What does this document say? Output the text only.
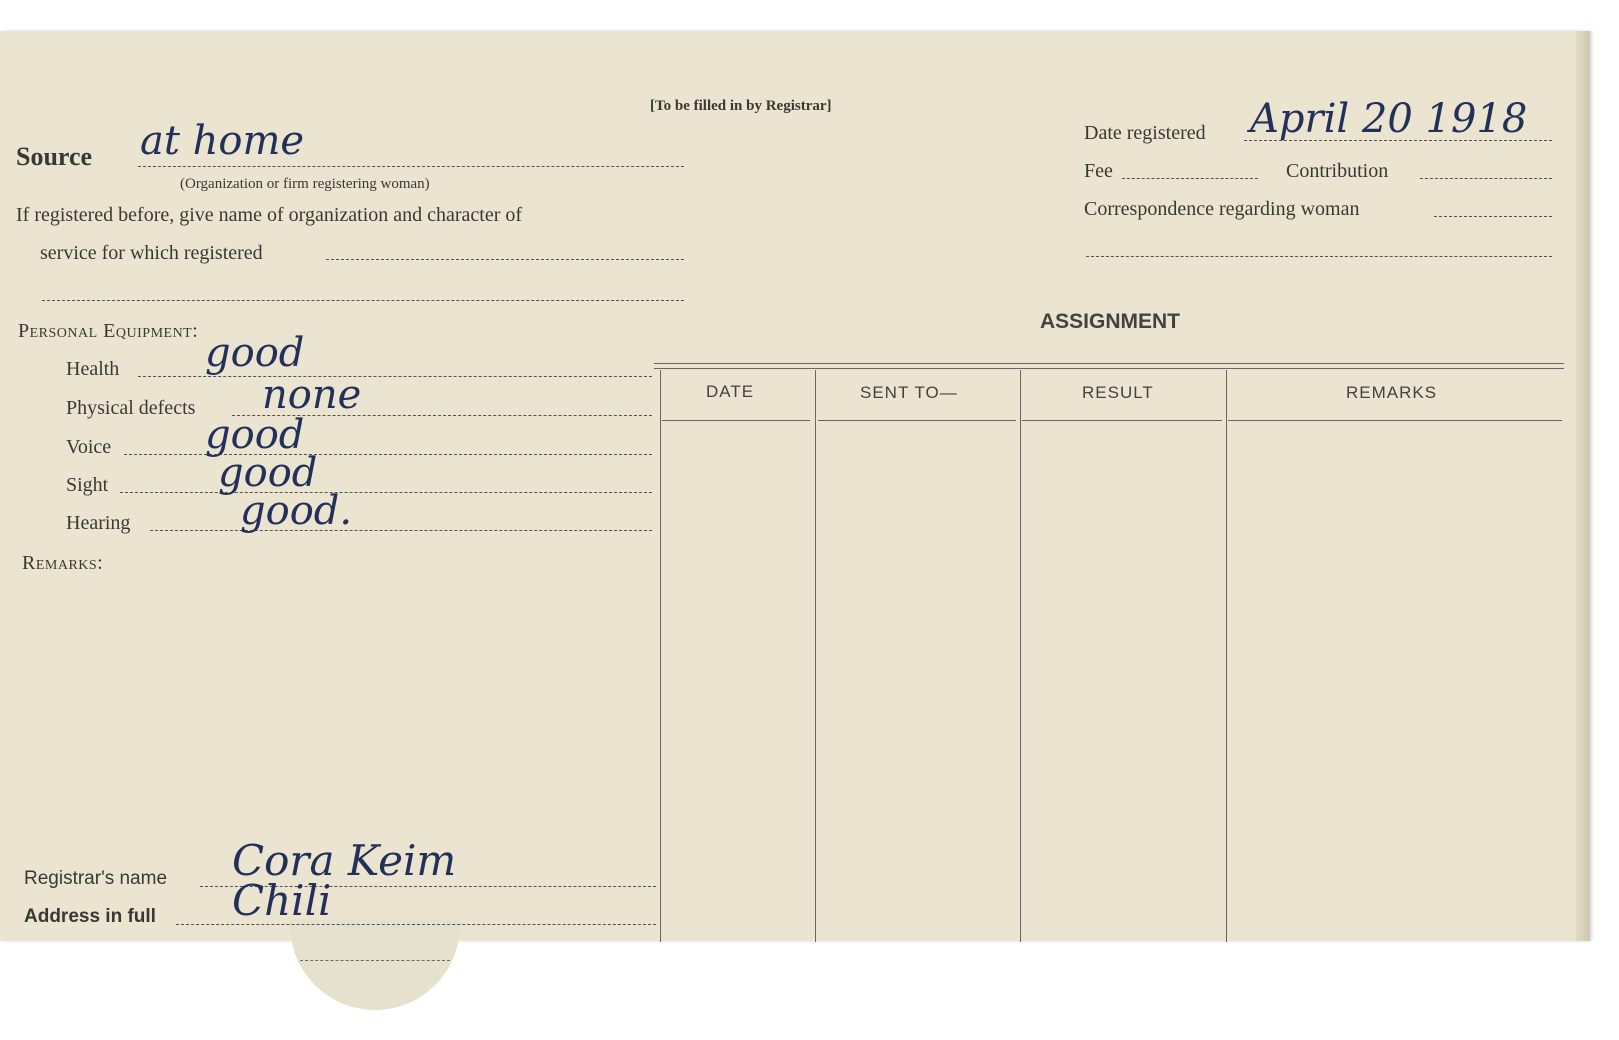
[To be filled in by Registrar]
Source at home
(Organization or firm registering woman)
If registered before, give name of organization and character of
service for which registered
Personal Equipment:
Health good
Physical defects none
Voice good
Sight	good
Hearing	good.
Remarks:
Registrar's name Cora Keim
Address in full Chili
Date registered April 20 1918
Fee	Contribution
Correspondence regarding woman
ASSIGNMENT
DATE	SENT TO—	RESULT	REMARKS
